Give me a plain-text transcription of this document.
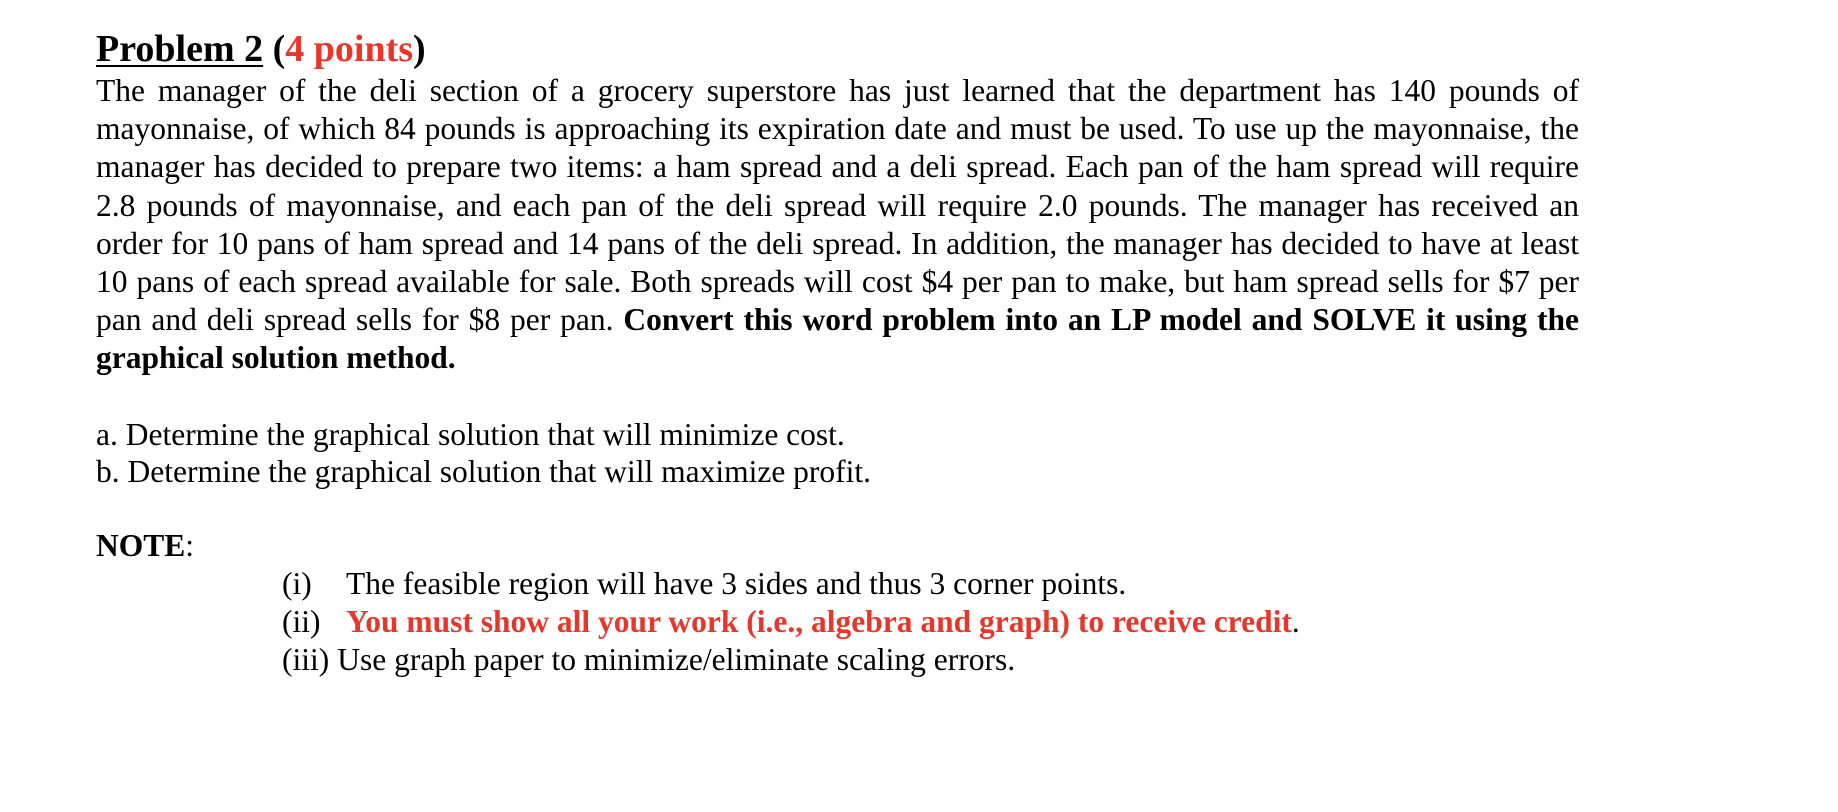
Problem 2 (4 points)

The manager of the deli section of a grocery superstore has just learned that the department has 140 pounds of mayonnaise, of which 84 pounds is approaching its expiration date and must be used. To use up the mayonnaise, the manager has decided to prepare two items: a ham spread and a deli spread. Each pan of the ham spread will require 2.8 pounds of mayonnaise, and each pan of the deli spread will require 2.0 pounds. The manager has received an order for 10 pans of ham spread and 14 pans of the deli spread. In addition, the manager has decided to have at least 10 pans of each spread available for sale. Both spreads will cost $4 per pan to make, but ham spread sells for $7 per pan and deli spread sells for $8 per pan. Convert this word problem into an LP model and SOLVE it using the graphical solution method.

a. Determine the graphical solution that will minimize cost.
b. Determine the graphical solution that will maximize profit.
NOTE:
(i)	The feasible region will have 3 sides and thus 3 corner points.
(ii) You must show all your work (i.e., algebra and graph) to receive credit .
(iii) Use graph paper to minimize/eliminate scaling errors.
